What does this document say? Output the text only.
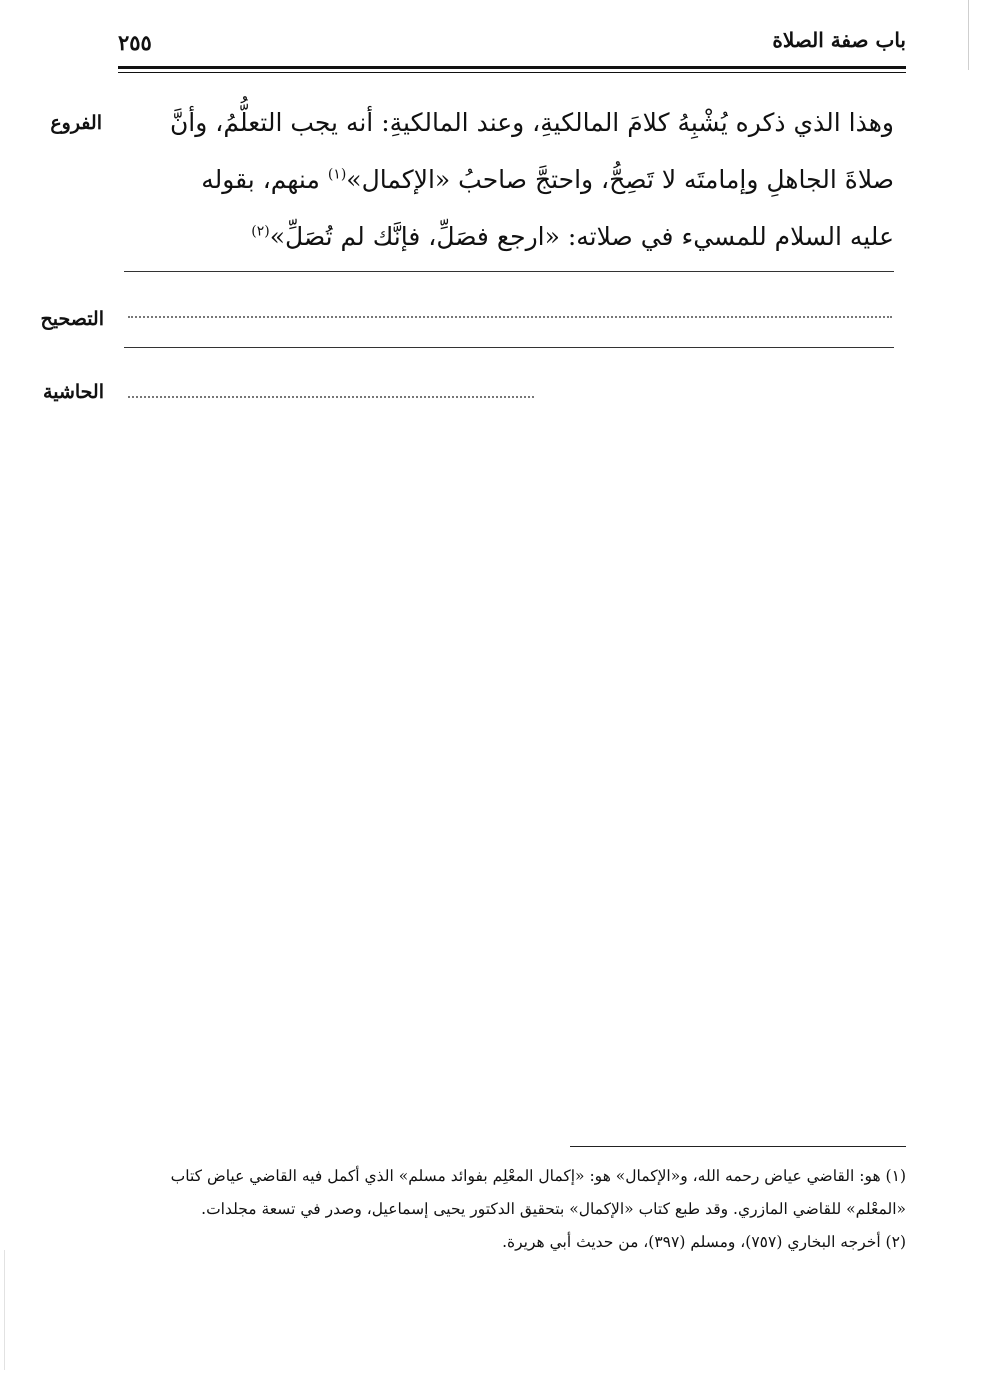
باب صفة الصلاة
٢٥٥
الفروع
التصحيح
الحاشية
وهذا الذي ذكره يُشْبِهُ كلامَ المالكيةِ، وعند المالكيةِ: أنه يجب التعلُّمُ، وأنَّ
صلاةَ الجاهلِ وإمامتَه لا تَصِحُّ، واحتجَّ صاحبُ «الإكمال»$^{(١)}$ منهم، بقوله
عليه السلام للمسيء في صلاته: «ارجع فصَلِّ، فإنَّك لم تُصَلِّ»$^{(٢)}$
(١) هو: القاضي عياض رحمه الله، و«الإكمال» هو: «إكمال المعْلِم بفوائد مسلم» الذي أكمل فيه القاضي عياض كتاب
«المعْلم» للقاضي المازري. وقد طبع كتاب «الإكمال» بتحقيق الدكتور يحيى إسماعيل، وصدر في تسعة مجلدات.
(٢) أخرجه البخاري (٧٥٧)، ومسلم (٣٩٧)، من حديث أبي هريرة.
